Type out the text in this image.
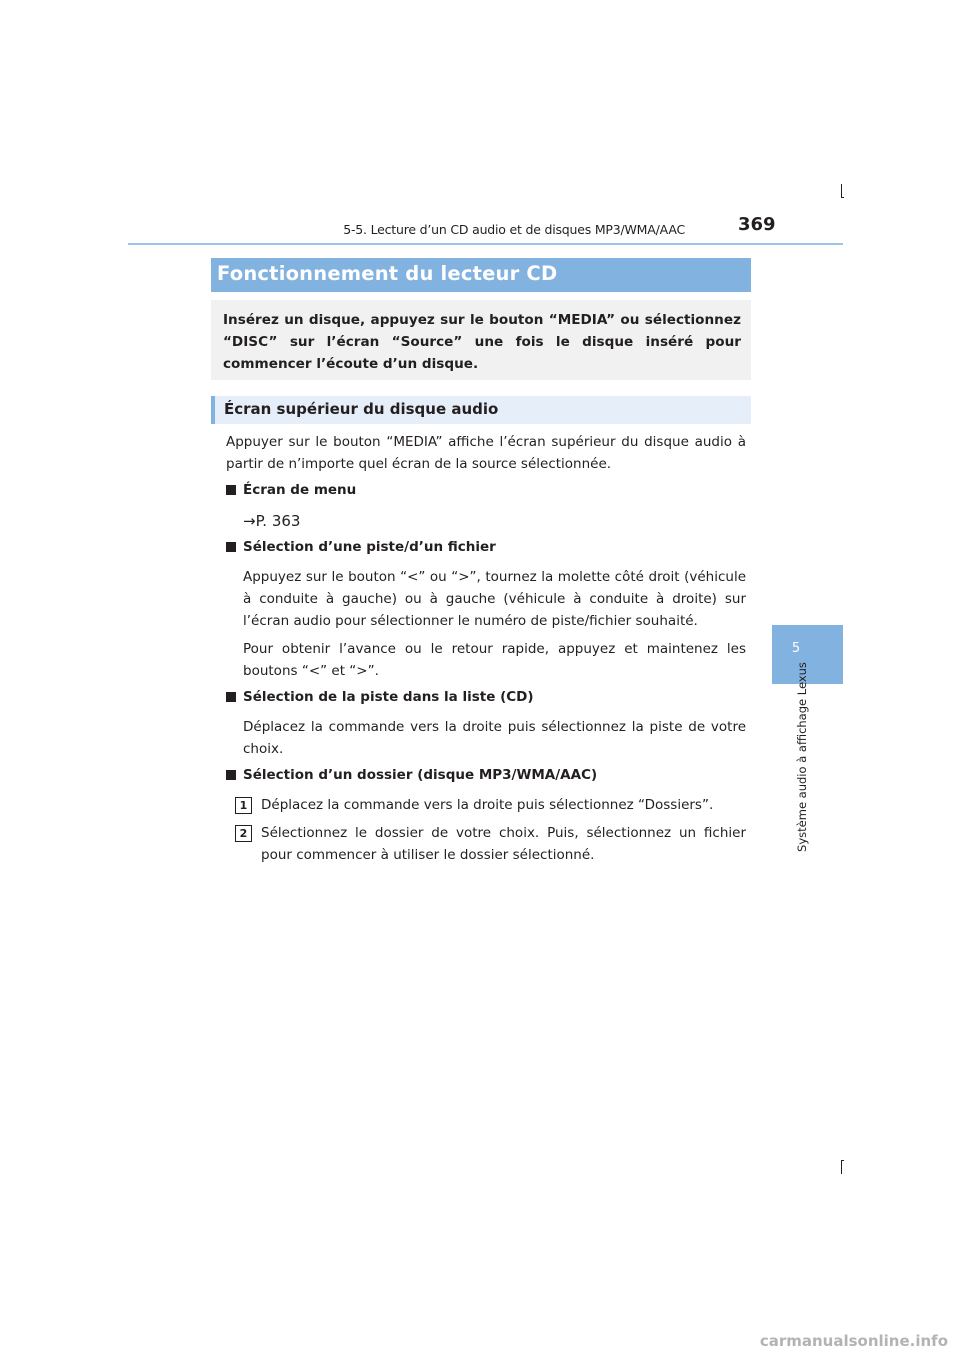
5-5. Lecture d’un CD audio et de disques MP3/WMA/AAC	369
5
Système audio à affichage Lexus
Fonctionnement du lecteur CD
Insérez un disque, appuyez sur le bouton “MEDIA” ou sélectionnez “DISC” sur l’écran “Source” une fois le disque inséré pour commencer l’écoute d’un disque.
Écran supérieur du disque audio
Appuyer sur le bouton “MEDIA” affiche l’écran supérieur du disque audio à partir de n’importe quel écran de la source sélectionnée.
Écran de menu
→P. 363
Sélection d’une piste/d’un fichier
Appuyez sur le bouton “<” ou “>”, tournez la molette côté droit (véhicule à conduite à gauche) ou à gauche (véhicule à conduite à droite) sur l’écran audio pour sélectionner le numéro de piste/fichier souhaité.
Pour obtenir l’avance ou le retour rapide, appuyez et maintenez les boutons “<” et “>”.
Sélection de la piste dans la liste (CD)
Déplacez la commande vers la droite puis sélectionnez la piste de votre choix.
Sélection d’un dossier (disque MP3/WMA/AAC)
1	Déplacez la commande vers la droite puis sélectionnez “Dossiers”.
2	Sélectionnez le dossier de votre choix. Puis, sélectionnez un fichier pour commencer à utiliser le dossier sélectionné.
carmanualsonline.info
